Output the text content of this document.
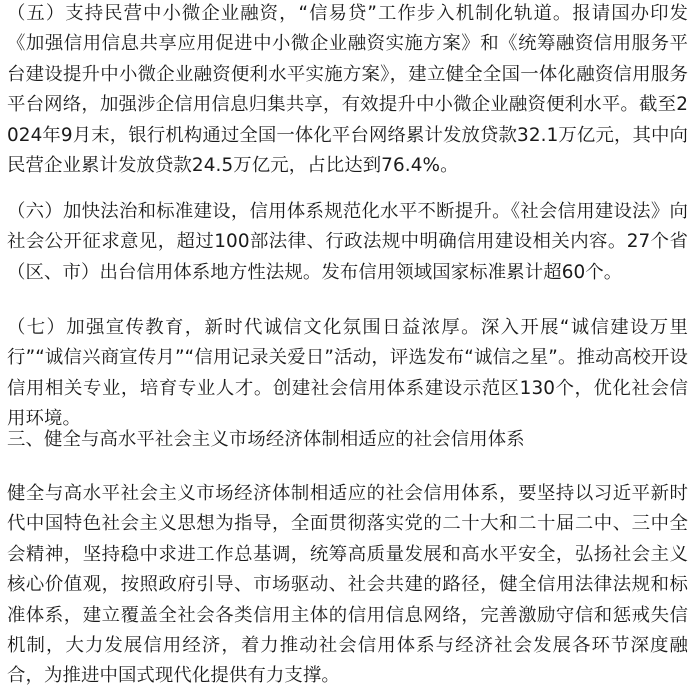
（五）支持民营中小微企业融资，“信易贷”工作步入机制化轨道。报请国办印发《加强信用信息共享应用促进中小微企业融资实施方案》和《统筹融资信用服务平台建设提升中小微企业融资便利水平实施方案》，建立健全全国一体化融资信用服务平台网络，加强涉企信用信息归集共享，有效提升中小微企业融资便利水平。截至2024年9月末，银行机构通过全国一体化平台网络累计发放贷款32.1万亿元，其中向民营企业累计发放贷款24.5万亿元，占比达到76.4%。

（六）加快法治和标准建设，信用体系规范化水平不断提升。《社会信用建设法》向社会公开征求意见，超过100部法律、行政法规中明确信用建设相关内容。27个省（区、市）出台信用体系地方性法规。发布信用领域国家标准累计超60个。

（七）加强宣传教育，新时代诚信文化氛围日益浓厚。深入开展“诚信建设万里行”“诚信兴商宣传月”“信用记录关爱日”活动，评选发布“诚信之星”。推动高校开设信用相关专业，培育专业人才。创建社会信用体系建设示范区130个，优化社会信用环境。

三、健全与高水平社会主义市场经济体制相适应的社会信用体系

健全与高水平社会主义市场经济体制相适应的社会信用体系，要坚持以习近平新时代中国特色社会主义思想为指导，全面贯彻落实党的二十大和二十届二中、三中全会精神，坚持稳中求进工作总基调，统筹高质量发展和高水平安全，弘扬社会主义核心价值观，按照政府引导、市场驱动、社会共建的路径，健全信用法律法规和标准体系，建立覆盖全社会各类信用主体的信用信息网络，完善激励守信和惩戒失信机制，大力发展信用经济，着力推动社会信用体系与经济社会发展各环节深度融合，为推进中国式现代化提供有力支撑。
